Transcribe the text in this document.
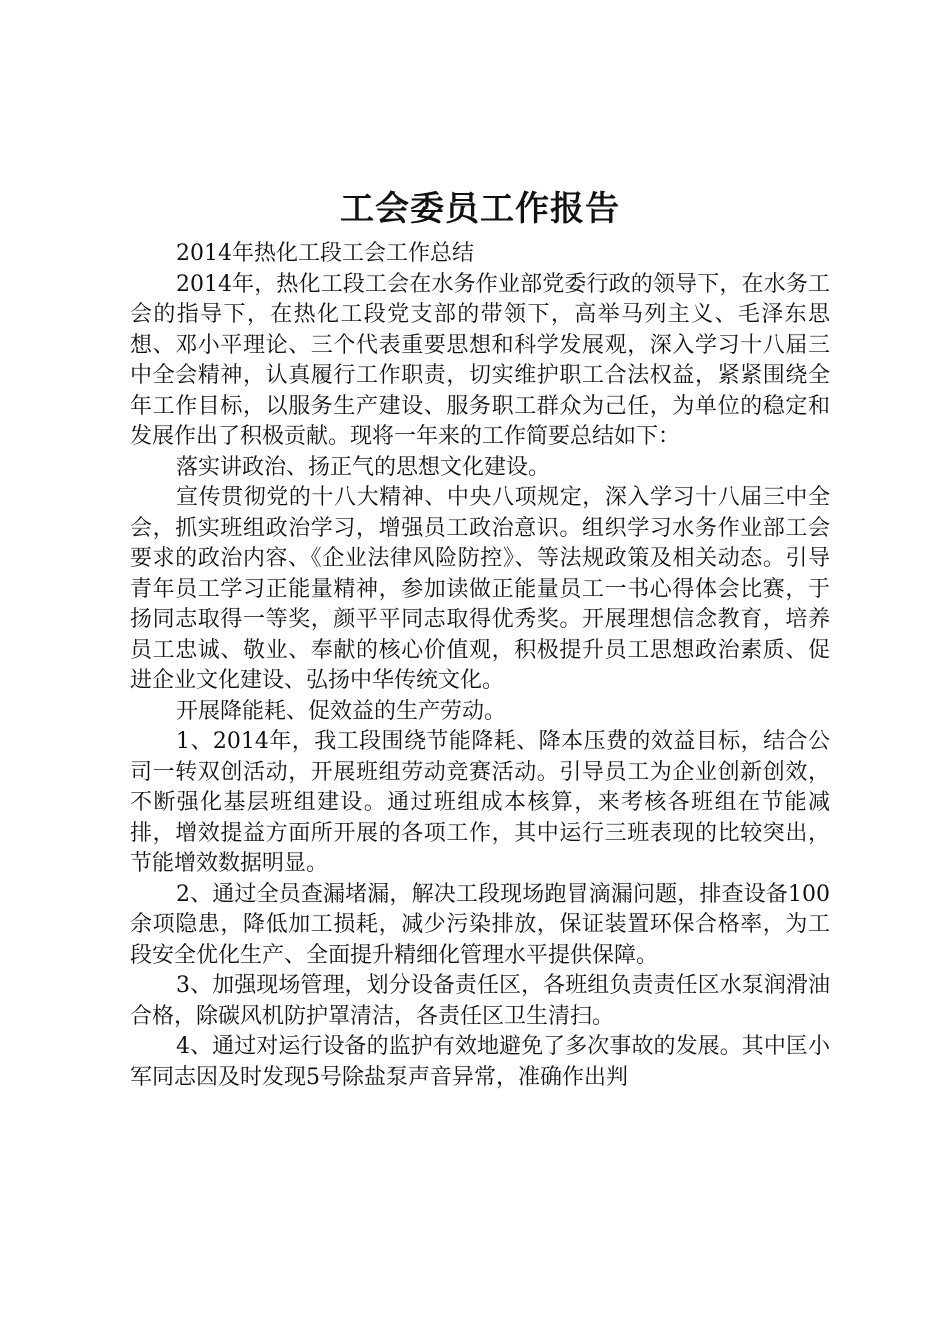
工会委员工作报告

2014年热化工段工会工作总结

2014年，热化工段工会在水务作业部党委行政的领导下，在水务工会的指导下，在热化工段党支部的带领下，高举马列主义、毛泽东思想、邓小平理论、三个代表重要思想和科学发展观，深入学习十八届三中全会精神，认真履行工作职责，切实维护职工合法权益，紧紧围绕全年工作目标，以服务生产建设、服务职工群众为己任，为单位的稳定和发展作出了积极贡献。现将一年来的工作简要总结如下：

落实讲政治、扬正气的思想文化建设。

宣传贯彻党的十八大精神、中央八项规定，深入学习十八届三中全会，抓实班组政治学习，增强员工政治意识。组织学习水务作业部工会要求的政治内容、《企业法律风险防控》、等法规政策及相关动态。引导青年员工学习正能量精神，参加读做正能量员工一书心得体会比赛，于扬同志取得一等奖，颜平平同志取得优秀奖。开展理想信念教育，培养员工忠诚、敬业、奉献的核心价值观，积极提升员工思想政治素质、促进企业文化建设、弘扬中华传统文化。

开展降能耗、促效益的生产劳动。

1、2014年，我工段围绕节能降耗、降本压费的效益目标，结合公司一转双创活动，开展班组劳动竞赛活动。引导员工为企业创新创效，不断强化基层班组建设。通过班组成本核算，来考核各班组在节能减排，增效提益方面所开展的各项工作，其中运行三班表现的比较突出，节能增效数据明显。

2、通过全员查漏堵漏，解决工段现场跑冒滴漏问题，排查设备100余项隐患，降低加工损耗，减少污染排放，保证装置环保合格率，为工段安全优化生产、全面提升精细化管理水平提供保障。

3、加强现场管理，划分设备责任区，各班组负责责任区水泵润滑油合格，除碳风机防护罩清洁，各责任区卫生清扫。

4、通过对运行设备的监护有效地避免了多次事故的发展。其中匡小军同志因及时发现5号除盐泵声音异常，准确作出判
